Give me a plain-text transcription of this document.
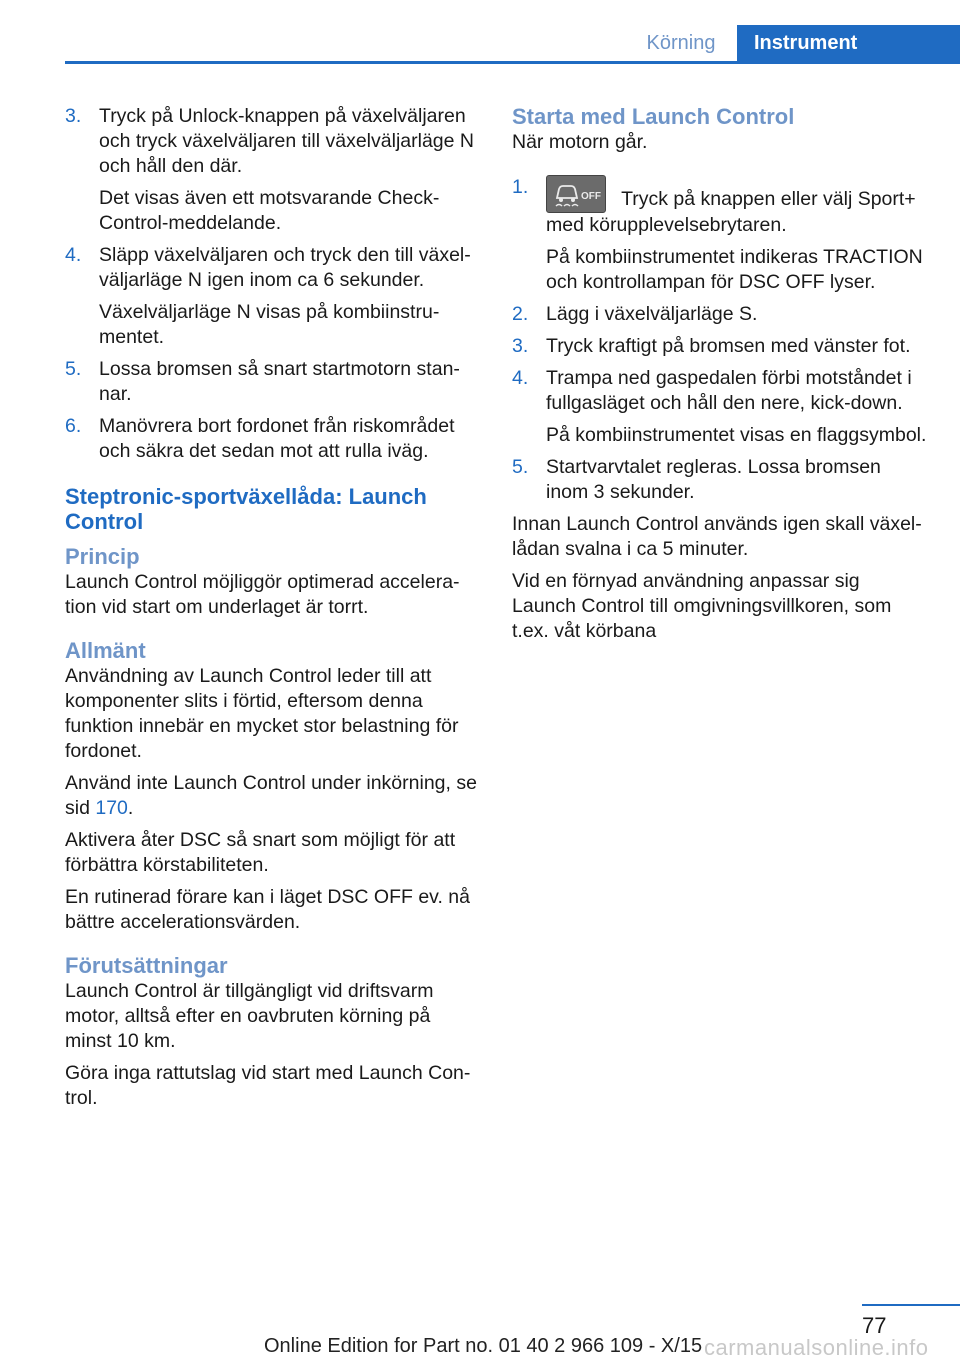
Körning	Instrument
3. Tryck på Unlock-knappen på växelväljaren och tryck växelväljaren till växelväljarläge N och håll den där.

Det visas även ett motsvarande Check-Control-meddelande.

4. Släpp växelväljaren och tryck den till växelväljarläge N igen inom ca 6 sekunder.

Växelväljarläge N visas på kombiinstrumentet.

5. Lossa bromsen så snart startmotorn stannar.

6. Manövrera bort fordonet från riskområdet och säkra det sedan mot att rulla iväg.

Steptronic-sportväxellåda: Launch Control
Princip

Launch Control möjliggör optimerad acceleration vid start om underlaget är torrt.

Allmänt

Användning av Launch Control leder till att komponenter slits i förtid, eftersom denna funktion innebär en mycket stor belastning för fordonet.

Använd inte Launch Control under inkörning, se sid 170.

Aktivera åter DSC så snart som möjligt för att förbättra körstabiliteten.

En rutinerad förare kan i läget DSC OFF ev. nå bättre accelerationsvärden.

Förutsättningar

Launch Control är tillgängligt vid driftsvarm motor, alltså efter en oavbruten körning på minst 10 km.

Göra inga rattutslag vid start med Launch Control.

Starta med Launch Control

När motorn går.

1.	OFF Tryck på knappen eller välj Sport+ med körupplevelsebrytaren.

På kombiinstrumentet indikeras TRACTION och kontrollampan för DSC OFF lyser.

2. Lägg i växelväljarläge S.

3. Tryck kraftigt på bromsen med vänster fot.

4. Trampa ned gaspedalen förbi motståndet i fullgasläget och håll den nere, kick-down.

På kombiinstrumentet visas en flaggsymbol.

5. Startvarvtalet regleras. Lossa bromsen inom 3 sekunder.

Innan Launch Control används igen skall växellådan svalna i ca 5 minuter.

Vid en förnyad användning anpassar sig Launch Control till omgivningsvillkoren, som t.ex. våt körbana

77
Online Edition for Part no. 01 40 2 966 109 - X/15 carmanualsonline.info
